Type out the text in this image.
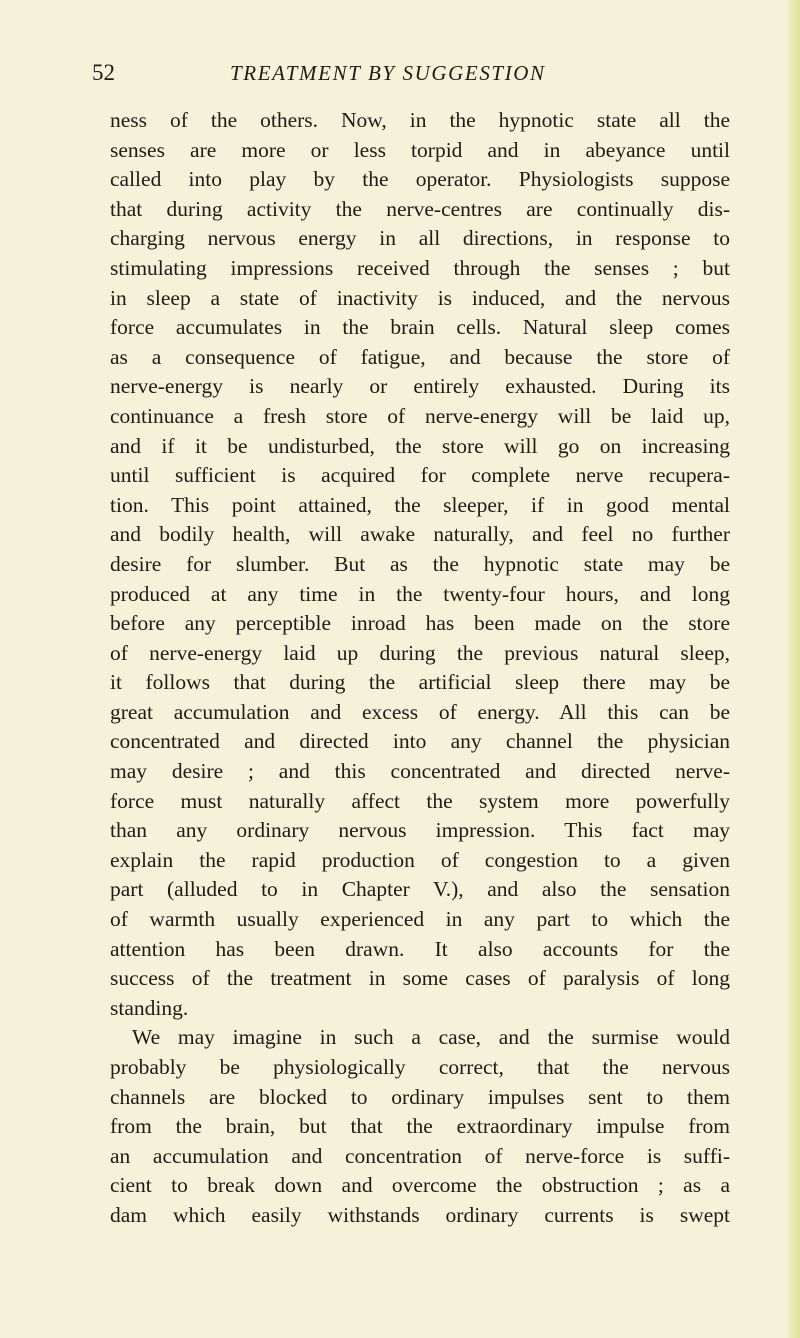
52	TREATMENT BY SUGGESTION
ness of the others. Now, in the hypnotic state all the
senses are more or less torpid and in abeyance until
called into play by the operator. Physiologists suppose
that during activity the nerve-centres are continually dis-
charging nervous energy in all directions, in response to
stimulating impressions received through the senses ; but
in sleep a state of inactivity is induced, and the nervous
force accumulates in the brain cells. Natural sleep comes
as a consequence of fatigue, and because the store of
nerve-energy is nearly or entirely exhausted. During its
continuance a fresh store of nerve-energy will be laid up,
and if it be undisturbed, the store will go on increasing
until sufficient is acquired for complete nerve recupera-
tion. This point attained, the sleeper, if in good mental
and bodily health, will awake naturally, and feel no further
desire for slumber. But as the hypnotic state may be
produced at any time in the twenty-four hours, and long
before any perceptible inroad has been made on the store
of nerve-energy laid up during the previous natural sleep,
it follows that during the artificial sleep there may be
great accumulation and excess of energy. All this can be
concentrated and directed into any channel the physician
may desire ; and this concentrated and directed nerve-
force must naturally affect the system more powerfully
than any ordinary nervous impression. This fact may
explain the rapid production of congestion to a given
part (alluded to in Chapter V.), and also the sensation
of warmth usually experienced in any part to which the
attention has been drawn. It also accounts for the
success of the treatment in some cases of paralysis of long
standing.
We may imagine in such a case, and the surmise would
probably be physiologically correct, that the nervous
channels are blocked to ordinary impulses sent to them
from the brain, but that the extraordinary impulse from
an accumulation and concentration of nerve-force is suffi-
cient to break down and overcome the obstruction ; as a
dam which easily withstands ordinary currents is swept
